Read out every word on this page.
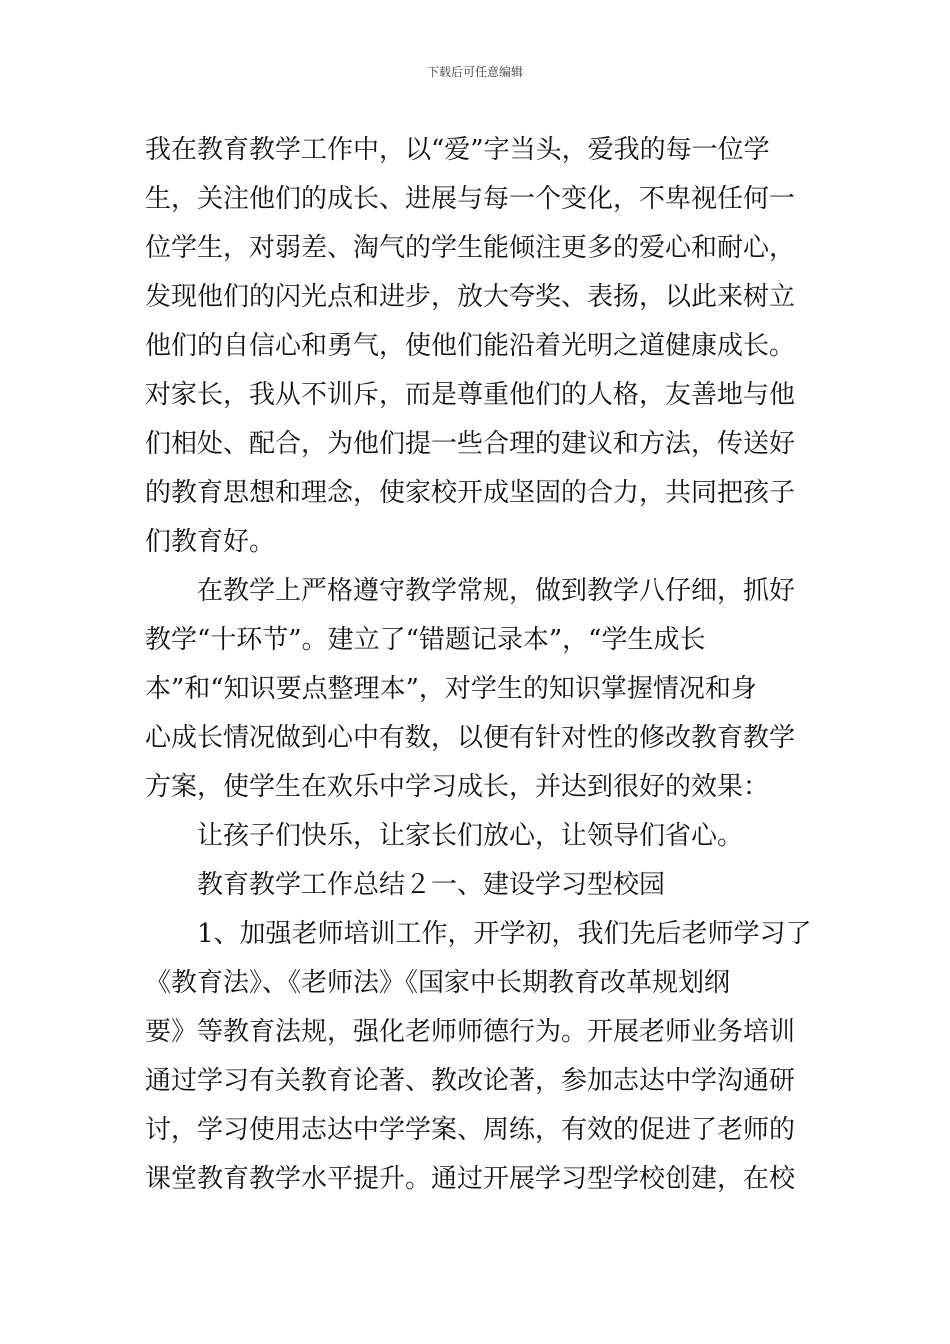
下载后可任意编辑
我在教育教学工作中，以“爱”字当头，爱我的每一位学
生，关注他们的成长、进展与每一个变化，不卑视任何一
位学生，对弱差、淘气的学生能倾注更多的爱心和耐心，
发现他们的闪光点和进步，放大夸奖、表扬，以此来树立
他们的自信心和勇气，使他们能沿着光明之道健康成长。
对家长，我从不训斥，而是尊重他们的人格，友善地与他
们相处、配合，为他们提一些合理的建议和方法，传送好
的教育思想和理念，使家校开成坚固的合力，共同把孩子
们教育好。
在教学上严格遵守教学常规，做到教学八仔细，抓好
教学“十环节”。建立了“错题记录本”，“学生成长
本”和“知识要点整理本”，对学生的知识掌握情况和身
心成长情况做到心中有数，以便有针对性的修改教育教学
方案，使学生在欢乐中学习成长，并达到很好的效果：
让孩子们快乐，让家长们放心，让领导们省心。
教育教学工作总结２一、建设学习型校园
1、加强老师培训工作，开学初，我们先后老师学习了
《教育法》、《老师法》《国家中长期教育改革规划纲
要》等教育法规，强化老师师德行为。开展老师业务培训
通过学习有关教育论著、教改论著，参加志达中学沟通研
讨，学习使用志达中学学案、周练，有效的促进了老师的
课堂教育教学水平提升。通过开展学习型学校创建，在校
